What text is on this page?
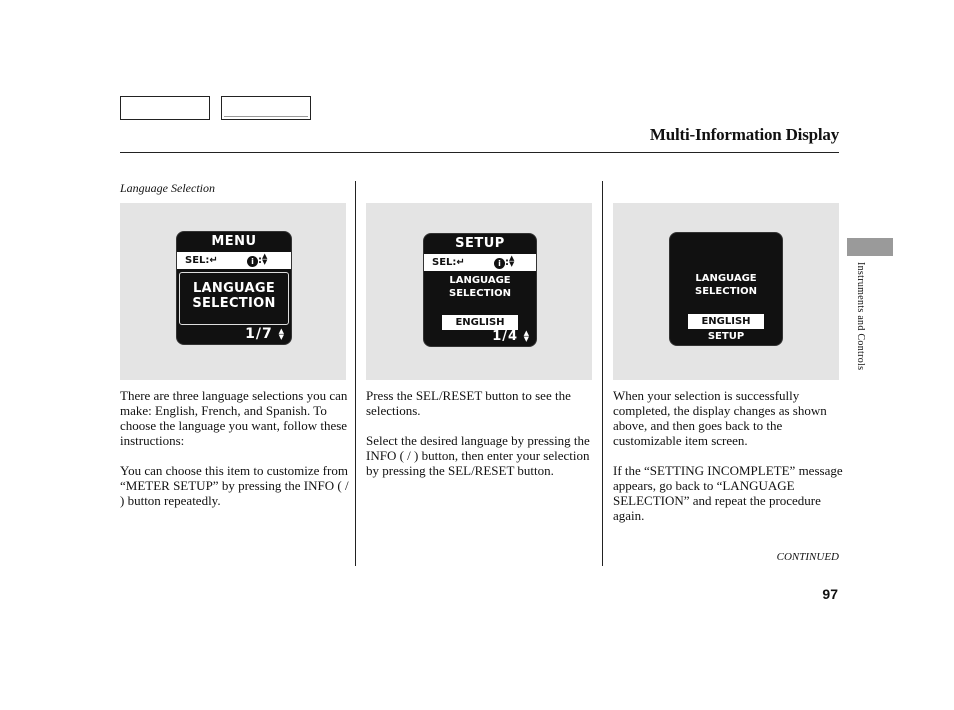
Multi-Information Display
Language Selection
MENU
SEL:↵	i :▲
▼
LANGUAGE
SELECTION
1/7 ▲
▼
SETUP
SEL:↵	i :▲
▼
LANGUAGE
SELECTION
ENGLISH
1/4 ▲
▼
LANGUAGE
SELECTION
ENGLISH
SETUP

There are three language selections you can make: English, French, and Spanish. To choose the language you want, follow these instructions:

You can choose this item to customize from “METER SETUP” by pressing the INFO ( / ) button repeatedly.

Press the SEL/RESET button to see the selections.

Select the desired language by pressing the INFO ( / ) button, then enter your selection by pressing the SEL/RESET button.

When your selection is successfully completed, the display changes as shown above, and then goes back to the customizable item screen.

If the “SETTING INCOMPLETE” message appears, go back to “LANGUAGE SELECTION” and repeat the procedure again.

Instruments and Controls
CONTINUED
97
